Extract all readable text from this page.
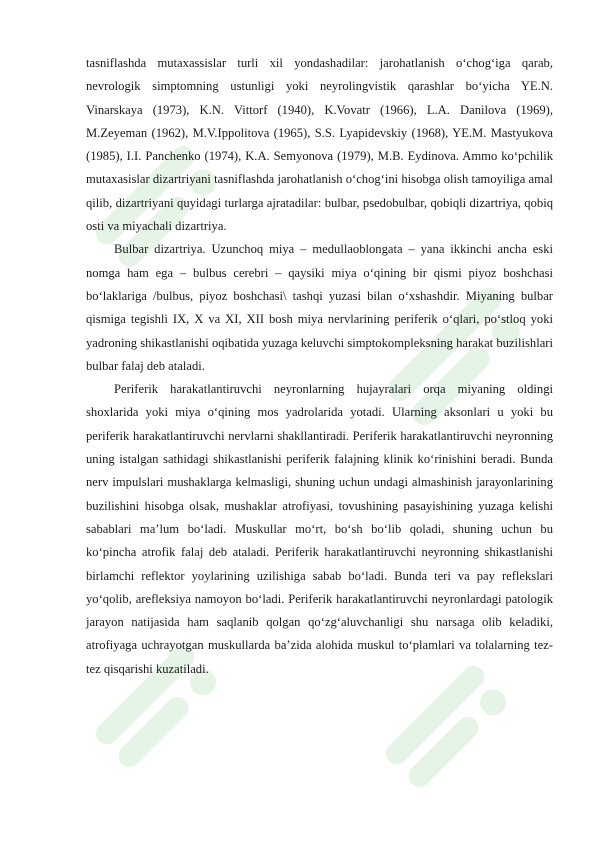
tasniflashda mutaxassislar turli xil yondashadilar: jarohatlanish o‘chog‘iga qarab, nevrologik simptomning ustunligi yoki neyrolingvistik qarashlar bo‘yicha YE.N. Vinarskaya (1973), K.N. Vittorf (1940), K.Vovatr (1966), L.A. Danilova (1969), M.Zeyeman (1962), M.V.Ippolitova (1965), S.S. Lyapidevskiy (1968), YE.M. Mastyukova (1985), I.I. Panchenko (1974), K.A. Semyonova (1979), M.B. Eydinova. Ammo ko‘pchilik mutaxasislar dizartriyani tasniflashda jarohatlanish o‘chog‘ini hisobga olish tamoyiliga amal qilib, dizartriyani quyidagi turlarga ajratadilar: bulbar, psedobulbar, qobiqli dizartriya, qobiq osti va miyachali dizartriya.

Bulbar dizartriya. Uzunchoq miya – medullaoblongata – yana ikkinchi ancha eski nomga ham ega – bulbus cerebri – qaysiki miya o‘qining bir qismi piyoz boshchasi bo‘laklariga /bulbus, piyoz boshchasi\ tashqi yuzasi bilan o‘xshashdir. Miyaning bulbar qismiga tegishli IX, X va XI, XII bosh miya nervlarining periferik o‘qlari, po‘stloq yoki yadroning shikastlanishi oqibatida yuzaga keluvchi simptokompleksning harakat buzilishlari bulbar falaj deb ataladi.

Periferik harakatlantiruvchi neyronlarning hujayralari orqa miyaning oldingi shoxlarida yoki miya o‘qining mos yadrolarida yotadi. Ularning aksonlari u yoki bu periferik harakatlantiruvchi nervlarni shakllantiradi. Periferik harakatlantiruvchi neyronning uning istalgan sathidagi shikastlanishi periferik falajning klinik ko‘rinishini beradi. Bunda nerv impulslari mushaklarga kelmasligi, shuning uchun undagi almashinish jarayonlarining buzilishini hisobga olsak, mushaklar atrofiyasi, tovushining pasayishining yuzaga kelishi sabablari ma’lum bo‘ladi. Muskullar mo‘rt, bo‘sh bo‘lib qoladi, shuning uchun bu ko‘pincha atrofik falaj deb ataladi. Periferik harakatlantiruvchi neyronning shikastlanishi birlamchi reflektor yoylarining uzilishiga sabab bo‘ladi. Bunda teri va pay reflekslari yo‘qolib, arefleksiya namoyon bo‘ladi. Periferik harakatlantiruvchi neyronlardagi patologik jarayon natijasida ham saqlanib qolgan qo‘zg‘aluvchanligi shu narsaga olib keladiki, atrofiyaga uchrayotgan muskullarda ba’zida alohida muskul to‘plamlari va tolalarning tez-tez qisqarishi kuzatiladi.
